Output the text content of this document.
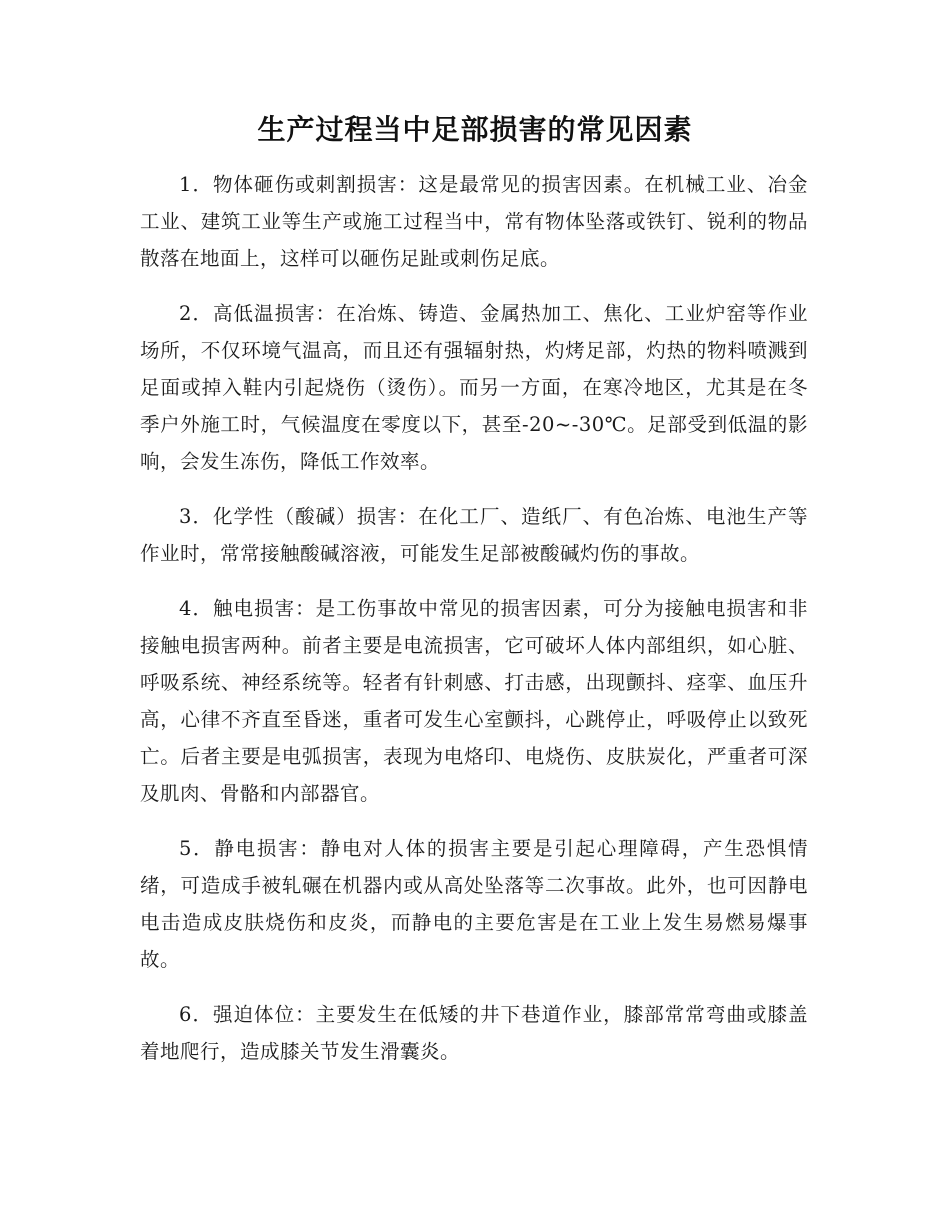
生产过程当中足部损害的常见因素

1．物体砸伤或刺割损害：这是最常见的损害因素。在机械工业、冶金工业、建筑工业等生产或施工过程当中，常有物体坠落或铁钉、锐利的物品散落在地面上，这样可以砸伤足趾或刺伤足底。

2．高低温损害：在冶炼、铸造、金属热加工、焦化、工业炉窑等作业场所，不仅环境气温高，而且还有强辐射热，灼烤足部，灼热的物料喷溅到足面或掉入鞋内引起烧伤（烫伤）。而另一方面，在寒冷地区，尤其是在冬季户外施工时，气候温度在零度以下，甚至-20~-30℃。足部受到低温的影响，会发生冻伤，降低工作效率。

3．化学性（酸碱）损害：在化工厂、造纸厂、有色冶炼、电池生产等作业时，常常接触酸碱溶液，可能发生足部被酸碱灼伤的事故。

4．触电损害：是工伤事故中常见的损害因素，可分为接触电损害和非接触电损害两种。前者主要是电流损害，它可破坏人体内部组织，如心脏、呼吸系统、神经系统等。轻者有针刺感、打击感，出现颤抖、痉挛、血压升高，心律不齐直至昏迷，重者可发生心室颤抖，心跳停止，呼吸停止以致死亡。后者主要是电弧损害，表现为电烙印、电烧伤、皮肤炭化，严重者可深及肌肉、骨骼和内部器官。

5．静电损害：静电对人体的损害主要是引起心理障碍，产生恐惧情绪，可造成手被轧碾在机器内或从高处坠落等二次事故。此外，也可因静电电击造成皮肤烧伤和皮炎，而静电的主要危害是在工业上发生易燃易爆事故。

6．强迫体位：主要发生在低矮的井下巷道作业，膝部常常弯曲或膝盖着地爬行，造成膝关节发生滑囊炎。
